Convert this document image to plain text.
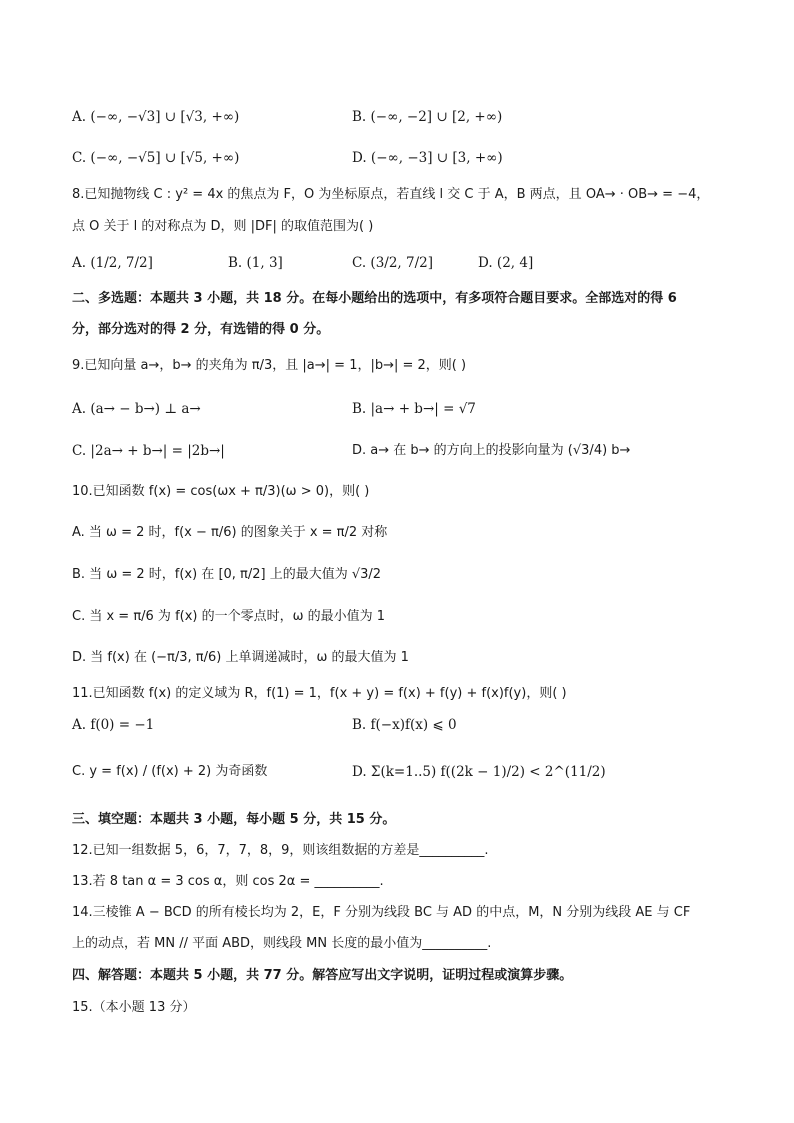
A. (−∞, −√3] ∪ [√3, +∞)	B. (−∞, −2] ∪ [2, +∞)
C. (−∞, −√5] ∪ [√5, +∞)	D. (−∞, −3] ∪ [3, +∞)
8.已知抛物线 C : y² = 4x 的焦点为 F，O 为坐标原点，若直线 l 交 C 于 A，B 两点，且 OA→ · OB→ = −4，
点 O 关于 l 的对称点为 D，则 |DF| 的取值范围为( )
A. (1/2, 7/2]	B. (1, 3]	C. (3/2, 7/2]	D. (2, 4]
二、多选题：本题共 3 小题，共 18 分。在每小题给出的选项中，有多项符合题目要求。全部选对的得 6
分，部分选对的得 2 分，有选错的得 0 分。
9.已知向量 a→，b→ 的夹角为 π/3，且 |a→| = 1，|b→| = 2，则( )
A. (a→ − b→) ⊥ a→	B. |a→ + b→| = √7
C. |2a→ + b→| = |2b→|	D. a→ 在 b→ 的方向上的投影向量为 (√3/4) b→
10.已知函数 f(x) = cos(ωx + π/3)(ω > 0)，则( )
A. 当 ω = 2 时，f(x − π/6) 的图象关于 x = π/2 对称
B. 当 ω = 2 时，f(x) 在 [0, π/2] 上的最大值为 √3/2
C. 当 x = π/6 为 f(x) 的一个零点时，ω 的最小值为 1
D. 当 f(x) 在 (−π/3, π/6) 上单调递减时，ω 的最大值为 1
11.已知函数 f(x) 的定义域为 R，f(1) = 1，f(x + y) = f(x) + f(y) + f(x)f(y)，则( )
A. f(0) = −1	B. f(−x)f(x) ⩽ 0
C. y = f(x) / (f(x) + 2) 为奇函数	D. Σ(k=1..5) f((2k − 1)/2) < 2^(11/2)
三、填空题：本题共 3 小题，每小题 5 分，共 15 分。
12.已知一组数据 5，6，7，7，8，9，则该组数据的方差是__________.
13.若 8 tan α = 3 cos α，则 cos 2α = __________.
14.三棱锥 A − BCD 的所有棱长均为 2，E，F 分别为线段 BC 与 AD 的中点，M，N 分别为线段 AE 与 CF
上的动点，若 MN // 平面 ABD，则线段 MN 长度的最小值为__________.
四、解答题：本题共 5 小题，共 77 分。解答应写出文字说明，证明过程或演算步骤。
15.（本小题 13 分）
